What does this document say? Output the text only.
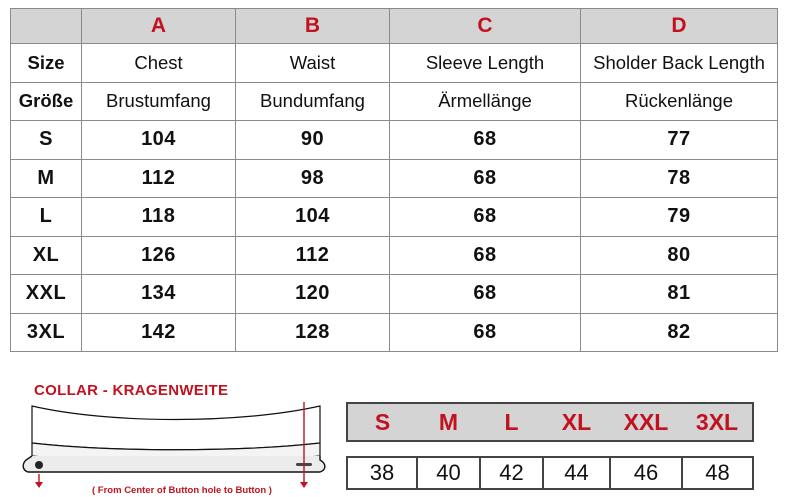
	A	B	C	D
Size	Chest	Waist	Sleeve Length	Sholder Back Length
Größe	Brustumfang	Bundumfang	Ärmellänge	Rückenlänge
S	104	90	68	77
M	112	98	68	78
L	118	104	68	79
XL	126	112	68	80
XXL	134	120	68	81
3XL	142	128	68	82
COLLAR - KRAGENWEITE
( From Center of Button hole to Button )
S	M	L	XL	XXL	3XL

38	40	42	44	46	48
